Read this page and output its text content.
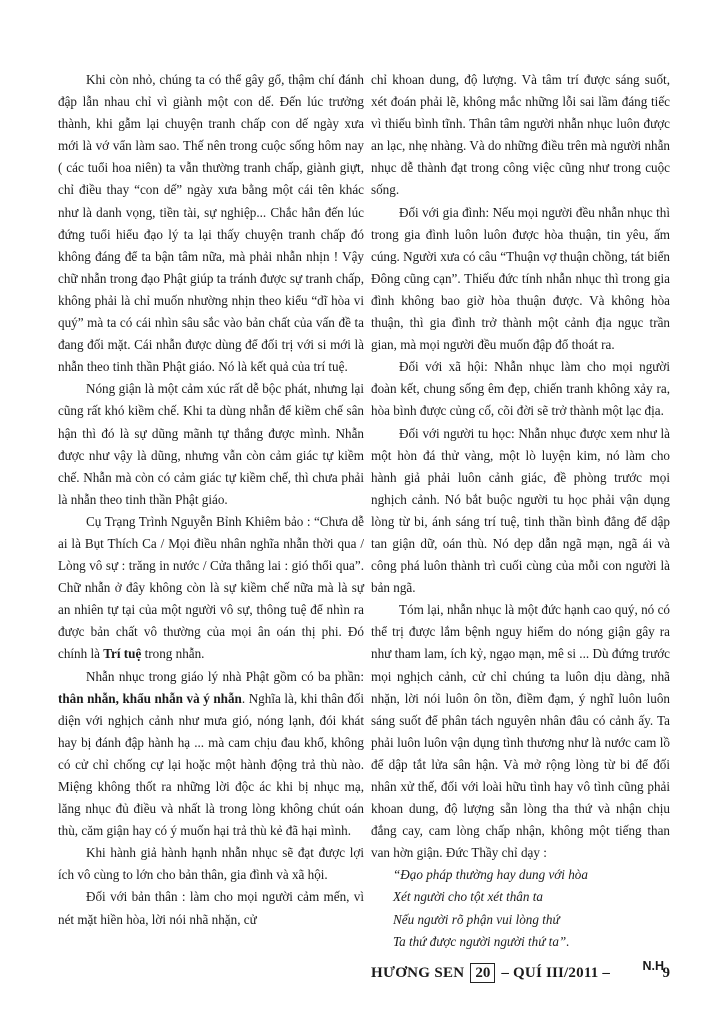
Khi còn nhỏ, chúng ta có thể gây gổ, thậm chí đánh đập lẫn nhau chỉ vì giành một con dế. Đến lúc trưởng thành, khi gẫm lại chuyện tranh chấp con dế ngày xưa mới là vớ vẩn làm sao. Thế nên trong cuộc sống hôm nay ( các tuổi hoa niên) ta vẫn thường tranh chấp, giành giựt, chỉ điều thay “con dế” ngày xưa bằng một cái tên khác như là danh vọng, tiền tài, sự nghiệp... Chắc hẳn đến lúc đứng tuổi hiểu đạo lý ta lại thấy chuyện tranh chấp đó không đáng để ta bận tâm nữa, mà phải nhẫn nhịn ! Vậy chữ nhẫn trong đạo Phật giúp ta tránh được sự tranh chấp, không phải là chỉ muốn nhường nhịn theo kiểu “dĩ hòa vi quý” mà ta có cái nhìn sâu sắc vào bản chất của vấn đề ta đang đối mặt. Cái nhẫn được dùng để đối trị với si mới là nhẫn theo tinh thần Phật giáo. Nó là kết quả của trí tuệ.

Nóng giận là một cảm xúc rất dễ bộc phát, nhưng lại cũng rất khó kiềm chế. Khi ta dùng nhẫn để kiềm chế sân hận thì đó là sự dũng mãnh tự thắng được mình. Nhẫn được như vậy là dũng, nhưng vẫn còn cảm giác tự kiềm chế. Nhẫn mà còn có cảm giác tự kiềm chế, thì chưa phải là nhẫn theo tinh thần Phật giáo.

Cụ Trạng Trình Nguyễn Bỉnh Khiêm bảo : “Chưa dễ ai là Bụt Thích Ca / Mọi điều nhân nghĩa nhẫn thời qua / Lòng vô sự : trăng in nước / Cửa thẳng lai : gió thổi qua”. Chữ nhẫn ở đây không còn là sự kiềm chế nữa mà là sự an nhiên tự tại của một người vô sự, thông tuệ để nhìn ra được bản chất vô thường của mọi ân oán thị phi. Đó chính là Trí tuệ trong nhẫn.

Nhẫn nhục trong giáo lý nhà Phật gồm có ba phần: thân nhẫn, khẩu nhẫn và ý nhẫn. Nghĩa là, khi thân đối diện với nghịch cảnh như mưa gió, nóng lạnh, đói khát hay bị đánh đập hành hạ ... mà cam chịu đau khổ, không có cử chỉ chống cự lại hoặc một hành động trả thù nào. Miệng không thốt ra những lời độc ác khi bị nhục mạ, lăng nhục đủ điều và nhất là trong lòng không chút oán thù, căm giận hay có ý muốn hại trả thù kẻ đã hại mình.

Khi hành giả hành hạnh nhẫn nhục sẽ đạt được lợi ích vô cùng to lớn cho bản thân, gia đình và xã hội.

Đối với bản thân : làm cho mọi người cảm mến, vì nét mặt hiền hòa, lời nói nhã nhặn, cử

chỉ khoan dung, độ lượng. Và tâm trí được sáng suốt, xét đoán phải lẽ, không mắc những lỗi sai lầm đáng tiếc vì thiếu bình tĩnh. Thân tâm người nhẫn nhục luôn được an lạc, nhẹ nhàng. Và do những điều trên mà người nhẫn nhục dễ thành đạt trong công việc cũng như trong cuộc sống.

Đối với gia đình: Nếu mọi người đều nhẫn nhục thì trong gia đình luôn luôn được hòa thuận, tin yêu, ấm cúng. Người xưa có câu “Thuận vợ thuận chồng, tát biển Đông cũng cạn”. Thiếu đức tính nhẫn nhục thì trong gia đình không bao giờ hòa thuận được. Và không hòa thuận, thì gia đình trở thành một cảnh địa ngục trần gian, mà mọi người đều muốn đập đổ thoát ra.

Đối với xã hội: Nhẫn nhục làm cho mọi người đoàn kết, chung sống êm đẹp, chiến tranh không xảy ra, hòa bình được củng cố, cõi đời sẽ trở thành một lạc địa.

Đối với người tu học: Nhẫn nhục được xem như là một hòn đá thử vàng, một lò luyện kim, nó làm cho hành giả phải luôn cảnh giác, đề phòng trước mọi nghịch cảnh. Nó bắt buộc người tu học phải vận dụng lòng từ bi, ánh sáng trí tuệ, tinh thần bình đẳng để dập tan giận dữ, oán thù. Nó dẹp dẫn ngã mạn, ngã ái và công phá luôn thành trì cuối cùng của mỗi con người là bản ngã.

Tóm lại, nhẫn nhục là một đức hạnh cao quý, nó có thể trị được lắm bệnh nguy hiểm do nóng giận gây ra như tham lam, ích kỷ, ngạo mạn, mê si ... Dù đứng trước mọi nghịch cảnh, cử chỉ chúng ta luôn dịu dàng, nhã nhặn, lời nói luôn ôn tồn, điềm đạm, ý nghĩ luôn luôn sáng suốt để phân tách nguyên nhân đâu có cảnh ấy. Ta phải luôn luôn vận dụng tình thương như là nước cam lồ để dập tắt lửa sân hận. Và mở rộng lòng từ bi để đối nhân xử thế, đối với loài hữu tình hay vô tình cũng phải khoan dung, độ lượng sẵn lòng tha thứ và nhận chịu đắng cay, cam lòng chấp nhận, không một tiếng than van hờn giận. Đức Thầy chỉ dạy :

“Đạo pháp thường hay dung với hòa
Xét người cho tột xét thân ta
Nếu người rõ phận vui lòng thứ
Ta thứ được người người thứ ta”.
N.H
HƯƠNG SEN 20 – QUÍ III/2011 –	9
